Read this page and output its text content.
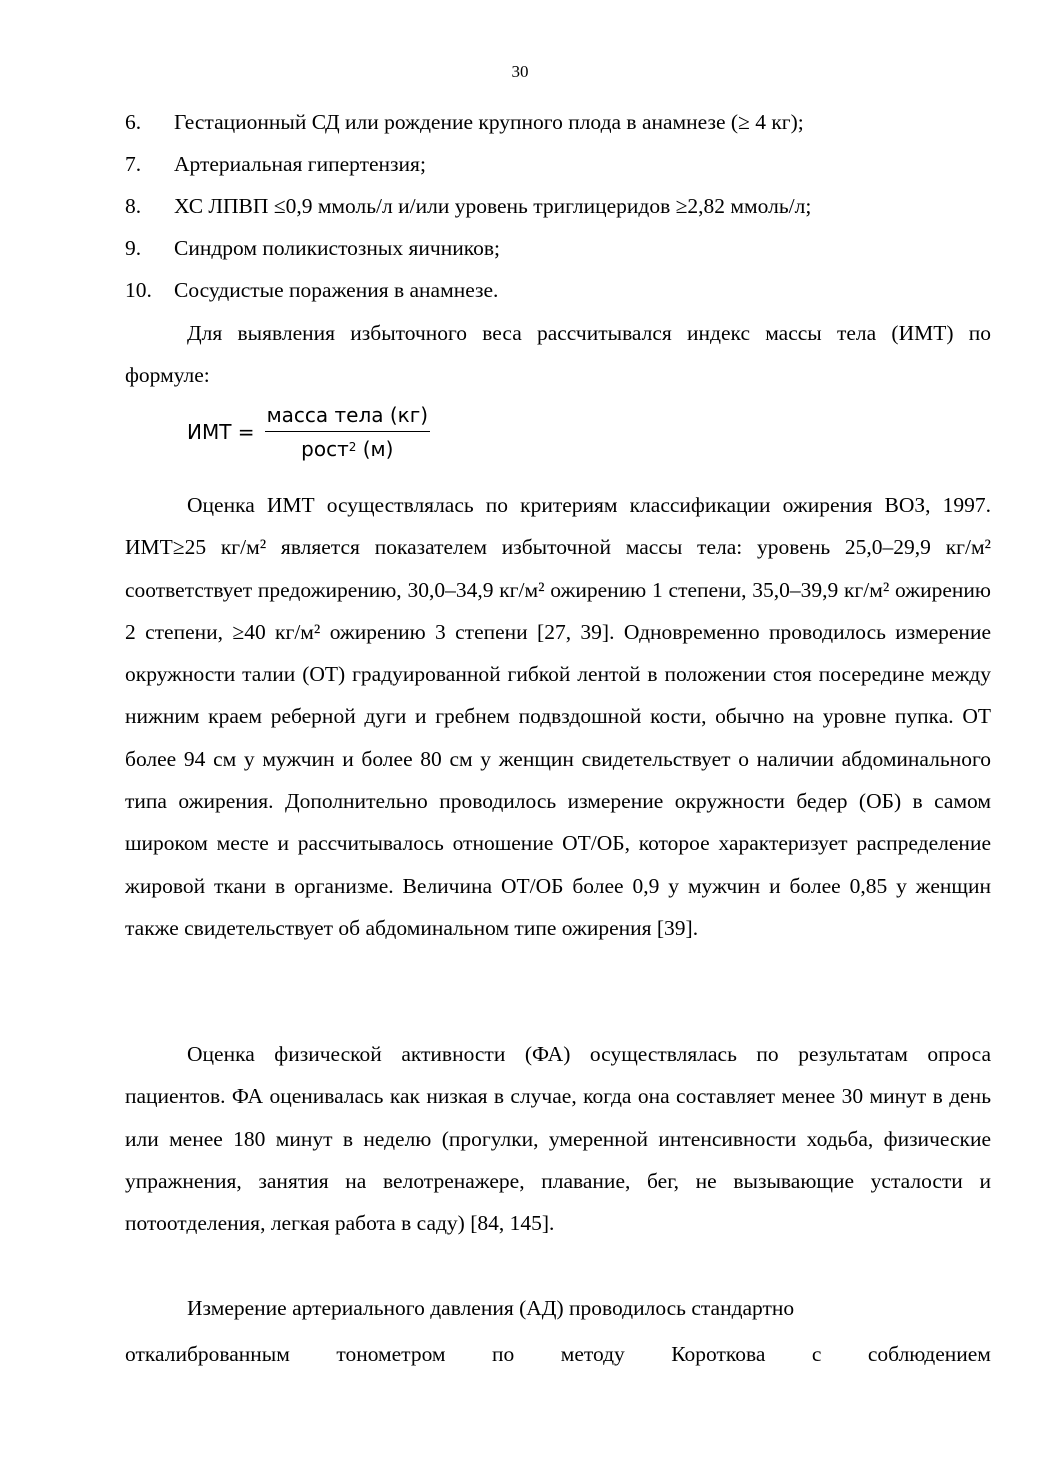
30
6. Гестационный СД или рождение крупного плода в анамнезе (≥ 4 кг);
7. Артериальная гипертензия;
8. ХС ЛПВП ≤0,9 ммоль/л и/или уровень триглицеридов ≥2,82 ммоль/л;
9. Синдром поликистозных яичников;
10. Сосудистые поражения в анамнезе.

Для выявления избыточного веса рассчитывался индекс массы тела (ИМТ) по формуле:

ИМТ = $\frac{\text{масса тела (кг)}}{рост^2 (м)}$

Оценка ИМТ осуществлялась по критериям классификации ожирения ВОЗ, 1997. ИМТ≥25 кг/м² является показателем избыточной массы тела: уровень 25,0–29,9 кг/м² соответствует предожирению, 30,0–34,9 кг/м² ожирению 1 степени, 35,0–39,9 кг/м² ожирению 2 степени, ≥40 кг/м² ожирению 3 степени [27, 39]. Одновременно проводилось измерение окружности талии (ОТ) градуированной гибкой лентой в положении стоя посередине между нижним краем реберной дуги и гребнем подвздошной кости, обычно на уровне пупка. ОТ более 94 см у мужчин и более 80 см у женщин свидетельствует о наличии абдоминального типа ожирения. Дополнительно проводилось измерение окружности бедер (ОБ) в самом широком месте и рассчитывалось отношение ОТ/ОБ, которое характеризует распределение жировой ткани в организме. Величина ОТ/ОБ более 0,9 у мужчин и более 0,85 у женщин также свидетельствует об абдоминальном типе ожирения [39].

Оценка физической активности (ФА) осуществлялась по результатам опроса пациентов. ФА оценивалась как низкая в случае, когда она составляет менее 30 минут в день или менее 180 минут в неделю (прогулки, умеренной интенсивности ходьба, физические упражнения, занятия на велотренажере, плавание, бег, не вызывающие усталости и потоотделения, легкая работа в саду) [84, 145].

Измерение артериального давления (АД) проводилось стандартно

откалиброванным тонометром по методу Короткова с соблюдением
